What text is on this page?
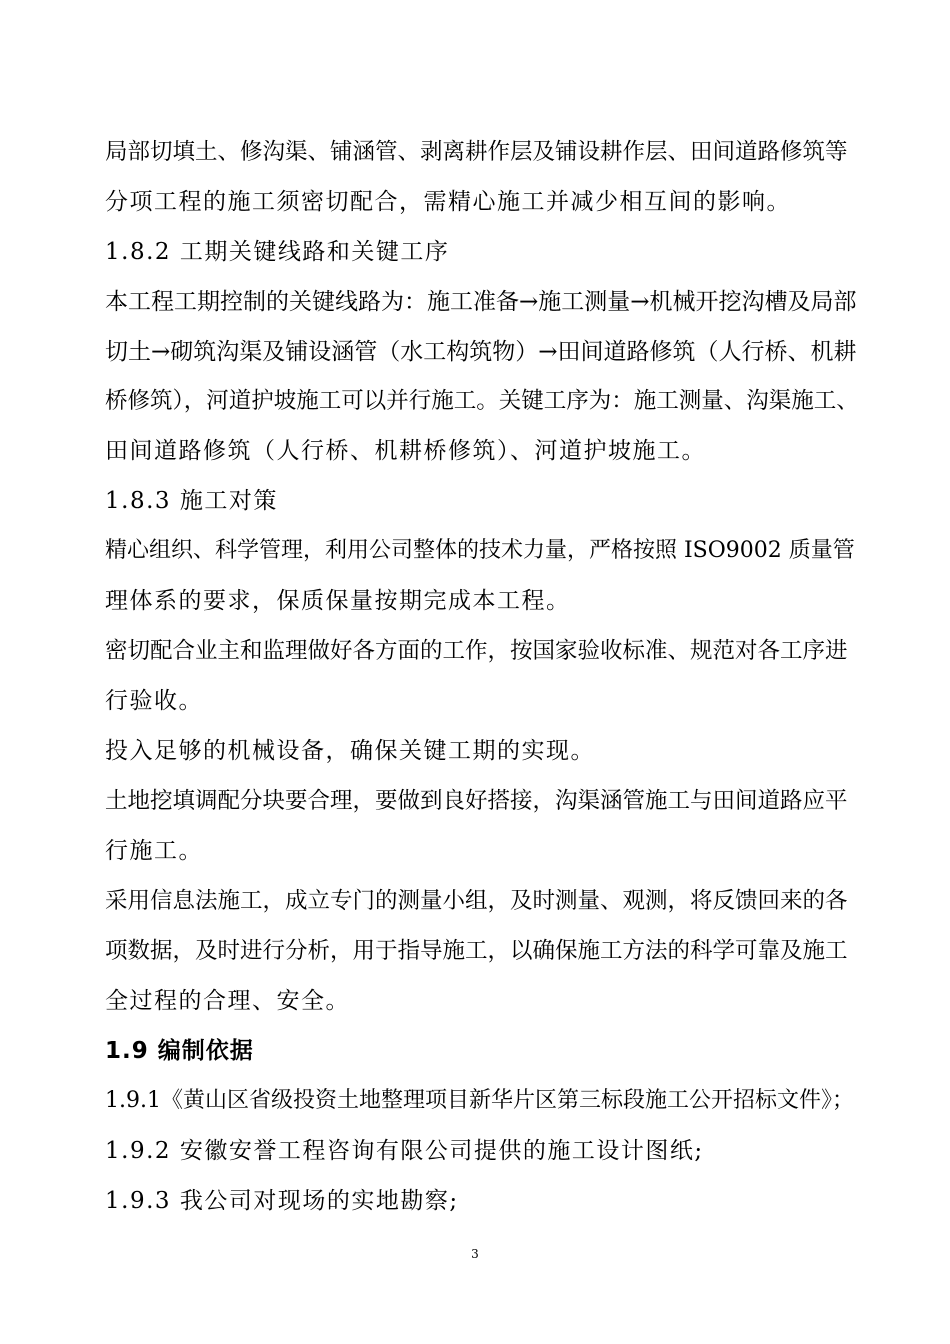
局部切填土、修沟渠、铺涵管、剥离耕作层及铺设耕作层、田间道路修筑等
分项工程的施工须密切配合，需精心施工并减少相互间的影响。
1.8.2 工期关键线路和关键工序
本工程工期控制的关键线路为：施工准备→施工测量→机械开挖沟槽及局部
切土→砌筑沟渠及铺设涵管（水工构筑物）→田间道路修筑（人行桥、机耕
桥修筑），河道护坡施工可以并行施工。关键工序为：施工测量、沟渠施工、
田间道路修筑（人行桥、机耕桥修筑）、河道护坡施工。
1.8.3 施工对策
精心组织、科学管理，利用公司整体的技术力量，严格按照 ISO9002 质量管
理体系的要求，保质保量按期完成本工程。
密切配合业主和监理做好各方面的工作，按国家验收标准、规范对各工序进
行验收。
投入足够的机械设备，确保关键工期的实现。
土地挖填调配分块要合理，要做到良好搭接，沟渠涵管施工与田间道路应平
行施工。
采用信息法施工，成立专门的测量小组，及时测量、观测，将反馈回来的各
项数据，及时进行分析，用于指导施工，以确保施工方法的科学可靠及施工
全过程的合理、安全。
1.9 编制依据
1.9.1《黄山区省级投资土地整理项目新华片区第三标段施工公开招标文件》；
1.9.2 安徽安誉工程咨询有限公司提供的施工设计图纸;
1.9.3 我公司对现场的实地勘察;
3
